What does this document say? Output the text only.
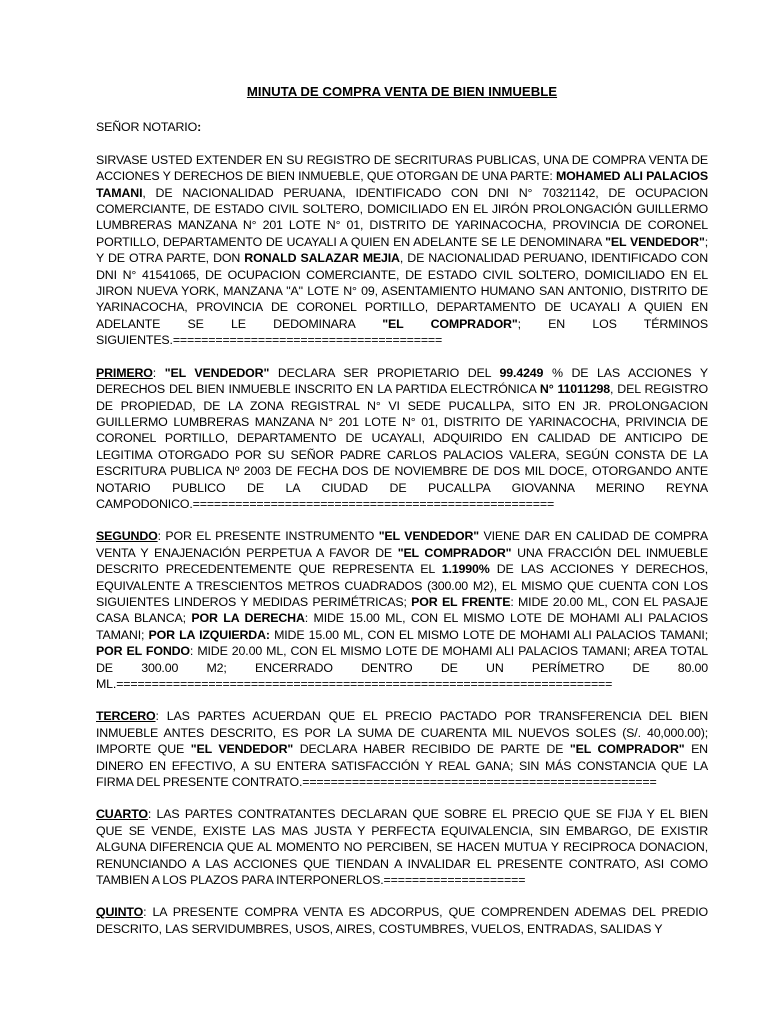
MINUTA DE COMPRA VENTA DE BIEN INMUEBLE
SEÑOR NOTARIO:

SIRVASE USTED EXTENDER EN SU REGISTRO DE SECRITURAS PUBLICAS, UNA DE COMPRA VENTA DE ACCIONES Y DERECHOS DE BIEN INMUEBLE, QUE OTORGAN DE UNA PARTE: MOHAMED ALI PALACIOS TAMANI, DE NACIONALIDAD PERUANA, IDENTIFICADO CON DNI N° 70321142, DE OCUPACION COMERCIANTE, DE ESTADO CIVIL SOLTERO, DOMICILIADO EN EL JIRÓN PROLONGACIÓN GUILLERMO LUMBRERAS MANZANA N° 201 LOTE N° 01, DISTRITO DE YARINACOCHA, PROVINCIA DE CORONEL PORTILLO, DEPARTAMENTO DE UCAYALI A QUIEN EN ADELANTE SE LE DENOMINARA "EL VENDEDOR"; Y DE OTRA PARTE, DON RONALD SALAZAR MEJIA, DE NACIONALIDAD PERUANO, IDENTIFICADO CON DNI N° 41541065, DE OCUPACION COMERCIANTE, DE ESTADO CIVIL SOLTERO, DOMICILIADO EN EL JIRON NUEVA YORK, MANZANA "A" LOTE N° 09, ASENTAMIENTO HUMANO SAN ANTONIO, DISTRITO DE YARINACOCHA, PROVINCIA DE CORONEL PORTILLO, DEPARTAMENTO DE UCAYALI A QUIEN EN ADELANTE SE LE DEDOMINARA "EL COMPRADOR"; EN LOS TÉRMINOS SIGUIENTES.======================================

PRIMERO: "EL VENDEDOR" DECLARA SER PROPIETARIO DEL 99.4249 % DE LAS ACCIONES Y DERECHOS DEL BIEN INMUEBLE INSCRITO EN LA PARTIDA ELECTRÓNICA N° 11011298, DEL REGISTRO DE PROPIEDAD, DE LA ZONA REGISTRAL N° VI SEDE PUCALLPA, SITO EN JR. PROLONGACION GUILLERMO LUMBRERAS MANZANA N° 201 LOTE N° 01, DISTRITO DE YARINACOCHA, PRIVINCIA DE CORONEL PORTILLO, DEPARTAMENTO DE UCAYALI, ADQUIRIDO EN CALIDAD DE ANTICIPO DE LEGITIMA OTORGADO POR SU SEÑOR PADRE CARLOS PALACIOS VALERA, SEGÚN CONSTA DE LA ESCRITURA PUBLICA Nº 2003 DE FECHA DOS DE NOVIEMBRE DE DOS MIL DOCE, OTORGANDO ANTE NOTARIO PUBLICO DE LA CIUDAD DE PUCALLPA GIOVANNA MERINO REYNA CAMPODONICO.===================================================

SEGUNDO: POR EL PRESENTE INSTRUMENTO "EL VENDEDOR" VIENE DAR EN CALIDAD DE COMPRA VENTA Y ENAJENACIÓN PERPETUA A FAVOR DE "EL COMPRADOR" UNA FRACCIÓN DEL INMUEBLE DESCRITO PRECEDENTEMENTE QUE REPRESENTA EL 1.1990% DE LAS ACCIONES Y DERECHOS, EQUIVALENTE A TRESCIENTOS METROS CUADRADOS (300.00 M2), EL MISMO QUE CUENTA CON LOS SIGUIENTES LINDEROS Y MEDIDAS PERIMÉTRICAS; POR EL FRENTE: MIDE 20.00 ML, CON EL PASAJE CASA BLANCA; POR LA DERECHA: MIDE 15.00 ML, CON EL MISMO LOTE DE MOHAMI ALI PALACIOS TAMANI; POR LA IZQUIERDA: MIDE 15.00 ML, CON EL MISMO LOTE DE MOHAMI ALI PALACIOS TAMANI; POR EL FONDO: MIDE 20.00 ML, CON EL MISMO LOTE DE MOHAMI ALI PALACIOS TAMANI; AREA TOTAL DE 300.00 M2; ENCERRADO DENTRO DE UN PERÍMETRO DE 80.00 ML.======================================================================

TERCERO: LAS PARTES ACUERDAN QUE EL PRECIO PACTADO POR TRANSFERENCIA DEL BIEN INMUEBLE ANTES DESCRITO, ES POR LA SUMA DE CUARENTA MIL NUEVOS SOLES (S/. 40,000.00); IMPORTE QUE "EL VENDEDOR" DECLARA HABER RECIBIDO DE PARTE DE "EL COMPRADOR" EN DINERO EN EFECTIVO, A SU ENTERA SATISFACCIÓN Y REAL GANA; SIN MÁS CONSTANCIA QUE LA FIRMA DEL PRESENTE CONTRATO.==================================================

CUARTO: LAS PARTES CONTRATANTES DECLARAN QUE SOBRE EL PRECIO QUE SE FIJA Y EL BIEN QUE SE VENDE, EXISTE LAS MAS JUSTA Y PERFECTA EQUIVALENCIA, SIN EMBARGO, DE EXISTIR ALGUNA DIFERENCIA QUE AL MOMENTO NO PERCIBEN, SE HACEN MUTUA Y RECIPROCA DONACION, RENUNCIANDO A LAS ACCIONES QUE TIENDAN A INVALIDAR EL PRESENTE CONTRATO, ASI COMO TAMBIEN A LOS PLAZOS PARA INTERPONERLOS.====================

QUINTO: LA PRESENTE COMPRA VENTA ES ADCORPUS, QUE COMPRENDEN ADEMAS DEL PREDIO DESCRITO, LAS SERVIDUMBRES, USOS, AIRES, COSTUMBRES, VUELOS, ENTRADAS, SALIDAS Y
